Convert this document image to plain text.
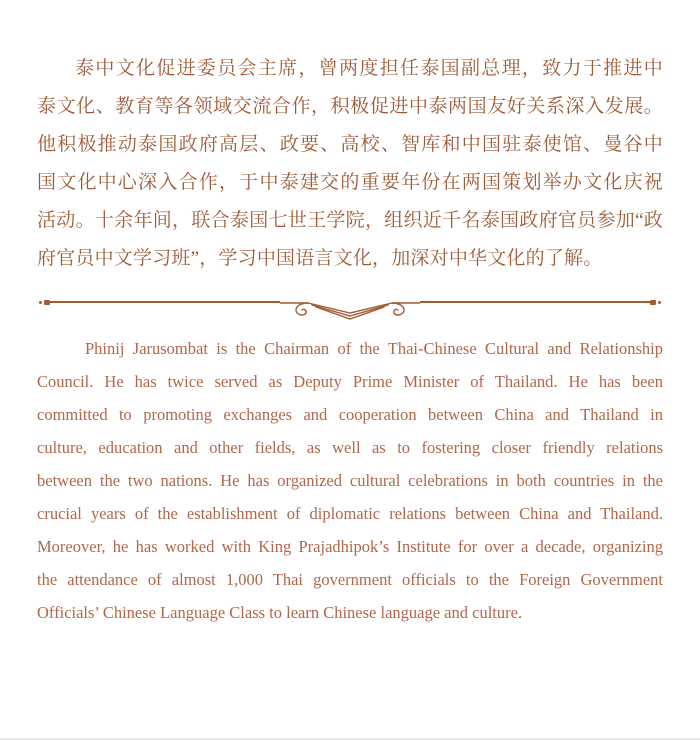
泰中文化促进委员会主席，曾两度担任泰国副总理，致力于推进中
泰文化、教育等各领域交流合作，积极促进中泰两国友好关系深入发展。
他积极推动泰国政府高层、政要、高校、智库和中国驻泰使馆、曼谷中
国文化中心深入合作，于中泰建交的重要年份在两国策划举办文化庆祝
活动。十余年间，联合泰国七世王学院，组织近千名泰国政府官员参加“政
府官员中文学习班”，学习中国语言文化，加深对中华文化的了解。
Phinij Jarusombat is the Chairman of the Thai-Chinese Cultural and Relationship
Council. He has twice served as Deputy Prime Minister of Thailand. He has been
committed to promoting exchanges and cooperation between China and Thailand in
culture, education and other fields, as well as to fostering closer friendly relations
between the two nations. He has organized cultural celebrations in both countries in the
crucial years of the establishment of diplomatic relations between China and Thailand.
Moreover, he has worked with King Prajadhipok’s Institute for over a decade, organizing
the attendance of almost 1,000 Thai government officials to the Foreign Government
Officials’ Chinese Language Class to learn Chinese language and culture.
